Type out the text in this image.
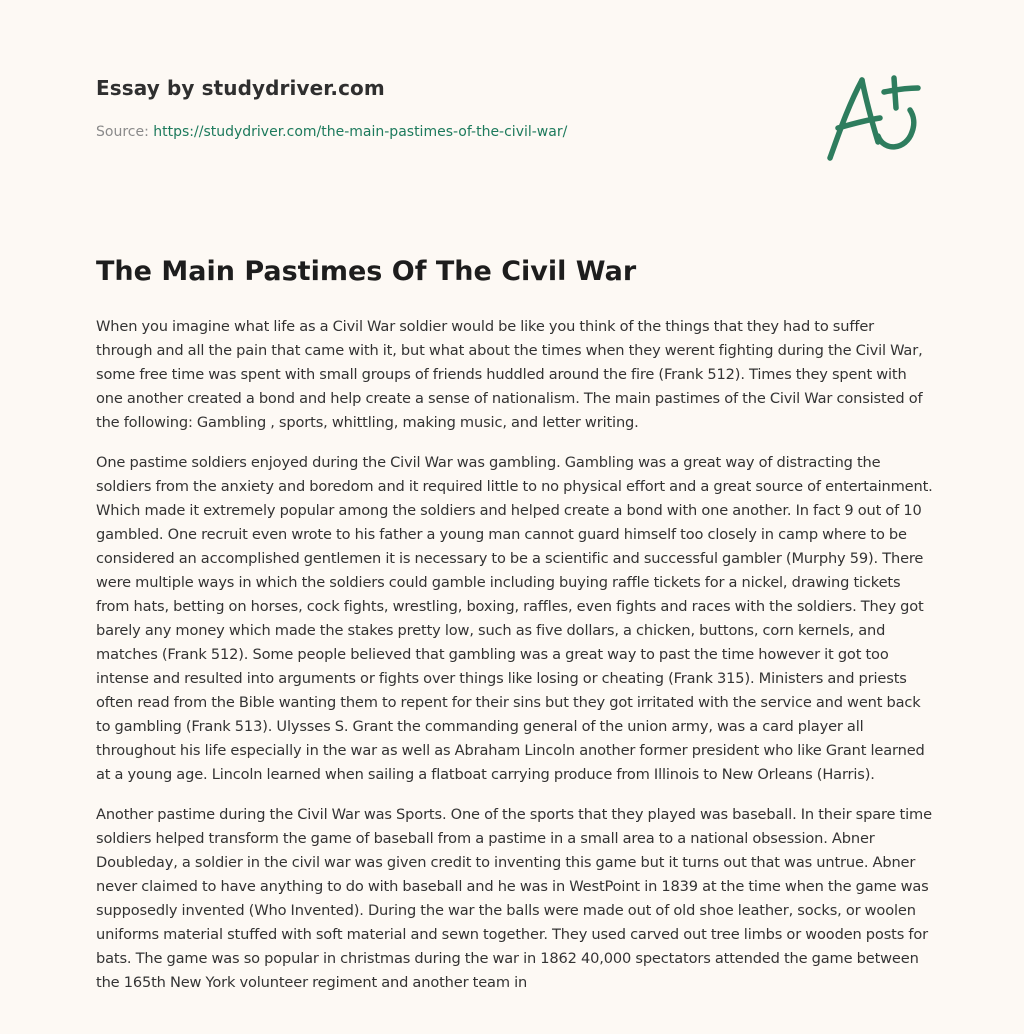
Essay by studydriver.com
Source: https://studydriver.com/the-main-pastimes-of-the-civil-war/
The Main Pastimes Of The Civil War

When you imagine what life as a Civil War soldier would be like you think of the things that they had to suffer through and all the pain that came with it, but what about the times when they werent fighting during the Civil War, some free time was spent with small groups of friends huddled around the fire (Frank 512). Times they spent with one another created a bond and help create a sense of nationalism. The main pastimes of the Civil War consisted of the following: Gambling , sports, whittling, making music, and letter writing.

One pastime soldiers enjoyed during the Civil War was gambling. Gambling was a great way of distracting the soldiers from the anxiety and boredom and it required little to no physical effort and a great source of entertainment. Which made it extremely popular among the soldiers and helped create a bond with one another. In fact 9 out of 10 gambled. One recruit even wrote to his father a young man cannot guard himself too closely in camp where to be considered an accomplished gentlemen it is necessary to be a scientific and successful gambler (Murphy 59). There were multiple ways in which the soldiers could gamble including buying raffle tickets for a nickel, drawing tickets from hats, betting on horses, cock fights, wrestling, boxing, raffles, even fights and races with the soldiers. They got barely any money which made the stakes pretty low, such as five dollars, a chicken, buttons, corn kernels, and matches (Frank 512). Some people believed that gambling was a great way to past the time however it got too intense and resulted into arguments or fights over things like losing or cheating (Frank 315). Ministers and priests often read from the Bible wanting them to repent for their sins but they got irritated with the service and went back to gambling (Frank 513). Ulysses S. Grant the commanding general of the union army, was a card player all throughout his life especially in the war as well as Abraham Lincoln another former president who like Grant learned at a young age. Lincoln learned when sailing a flatboat carrying produce from Illinois to New Orleans (Harris).

Another pastime during the Civil War was Sports. One of the sports that they played was baseball. In their spare time soldiers helped transform the game of baseball from a pastime in a small area to a national obsession. Abner Doubleday, a soldier in the civil war was given credit to inventing this game but it turns out that was untrue. Abner never claimed to have anything to do with baseball and he was in WestPoint in 1839 at the time when the game was supposedly invented (Who Invented). During the war the balls were made out of old shoe leather, socks, or woolen uniforms material stuffed with soft material and sewn together. They used carved out tree limbs or wooden posts for bats. The game was so popular in christmas during the war in 1862 40,000 spectators attended the game between the 165th New York volunteer regiment and another team in
